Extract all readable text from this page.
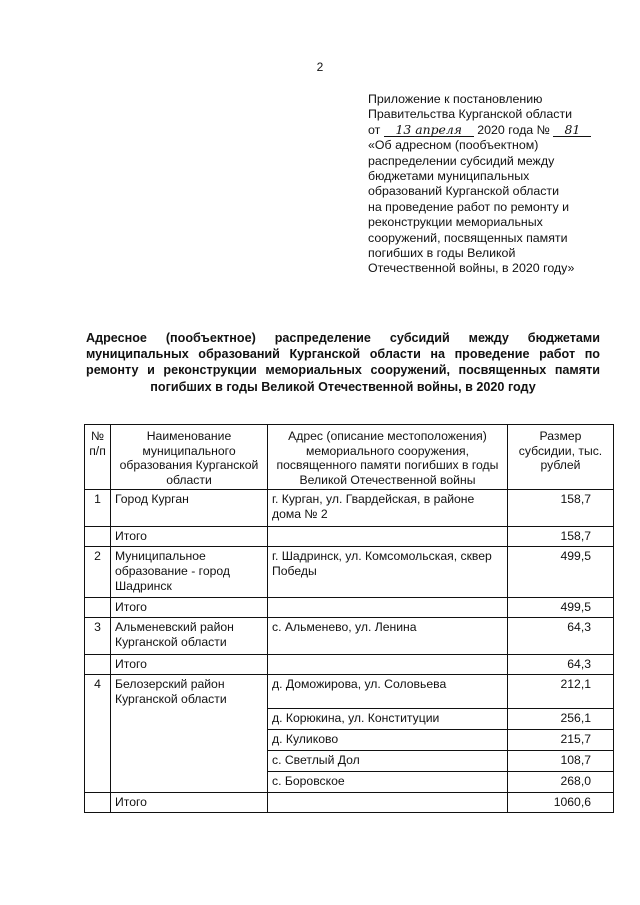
2
Приложение к постановлению
Правительства Курганской области
от 13 апреля 2020 года № 81
«Об адресном (пообъектном)
распределении субсидий между
бюджетами муниципальных
образований Курганской области
на проведение работ по ремонту и
реконструкции мемориальных
сооружений, посвященных памяти
погибших в годы Великой
Отечественной войны, в 2020 году»
Адресное (пообъектное) распределение субсидий между бюджетами муниципальных образований Курганской области на проведение работ по ремонту и реконструкции мемориальных сооружений, посвященных памяти погибших в годы Великой Отечественной войны, в 2020 году
№ п/п	Наименование муниципального образования Курганской области	Адрес (описание местоположения) мемориального сооружения, посвященного памяти погибших в годы Великой Отечественной войны	Размер субсидии, тыс. рублей
1	Город Курган	г. Курган, ул. Гвардейская, в районе дома № 2	158,7
	Итого		158,7
2	Муниципальное образование - город Шадринск	г. Шадринск, ул. Комсомольская, сквер Победы	499,5
	Итого		499,5
3	Альменевский район Курганской области	с. Альменево, ул. Ленина	64,3
	Итого		64,3
4	Белозерский район Курганской области	д. Доможирова, ул. Соловьева	212,1
		д. Корюкина, ул. Конституции	256,1
		д. Куликово	215,7
		с. Светлый Дол	108,7
		с. Боровское	268,0
	Итого		1060,6
